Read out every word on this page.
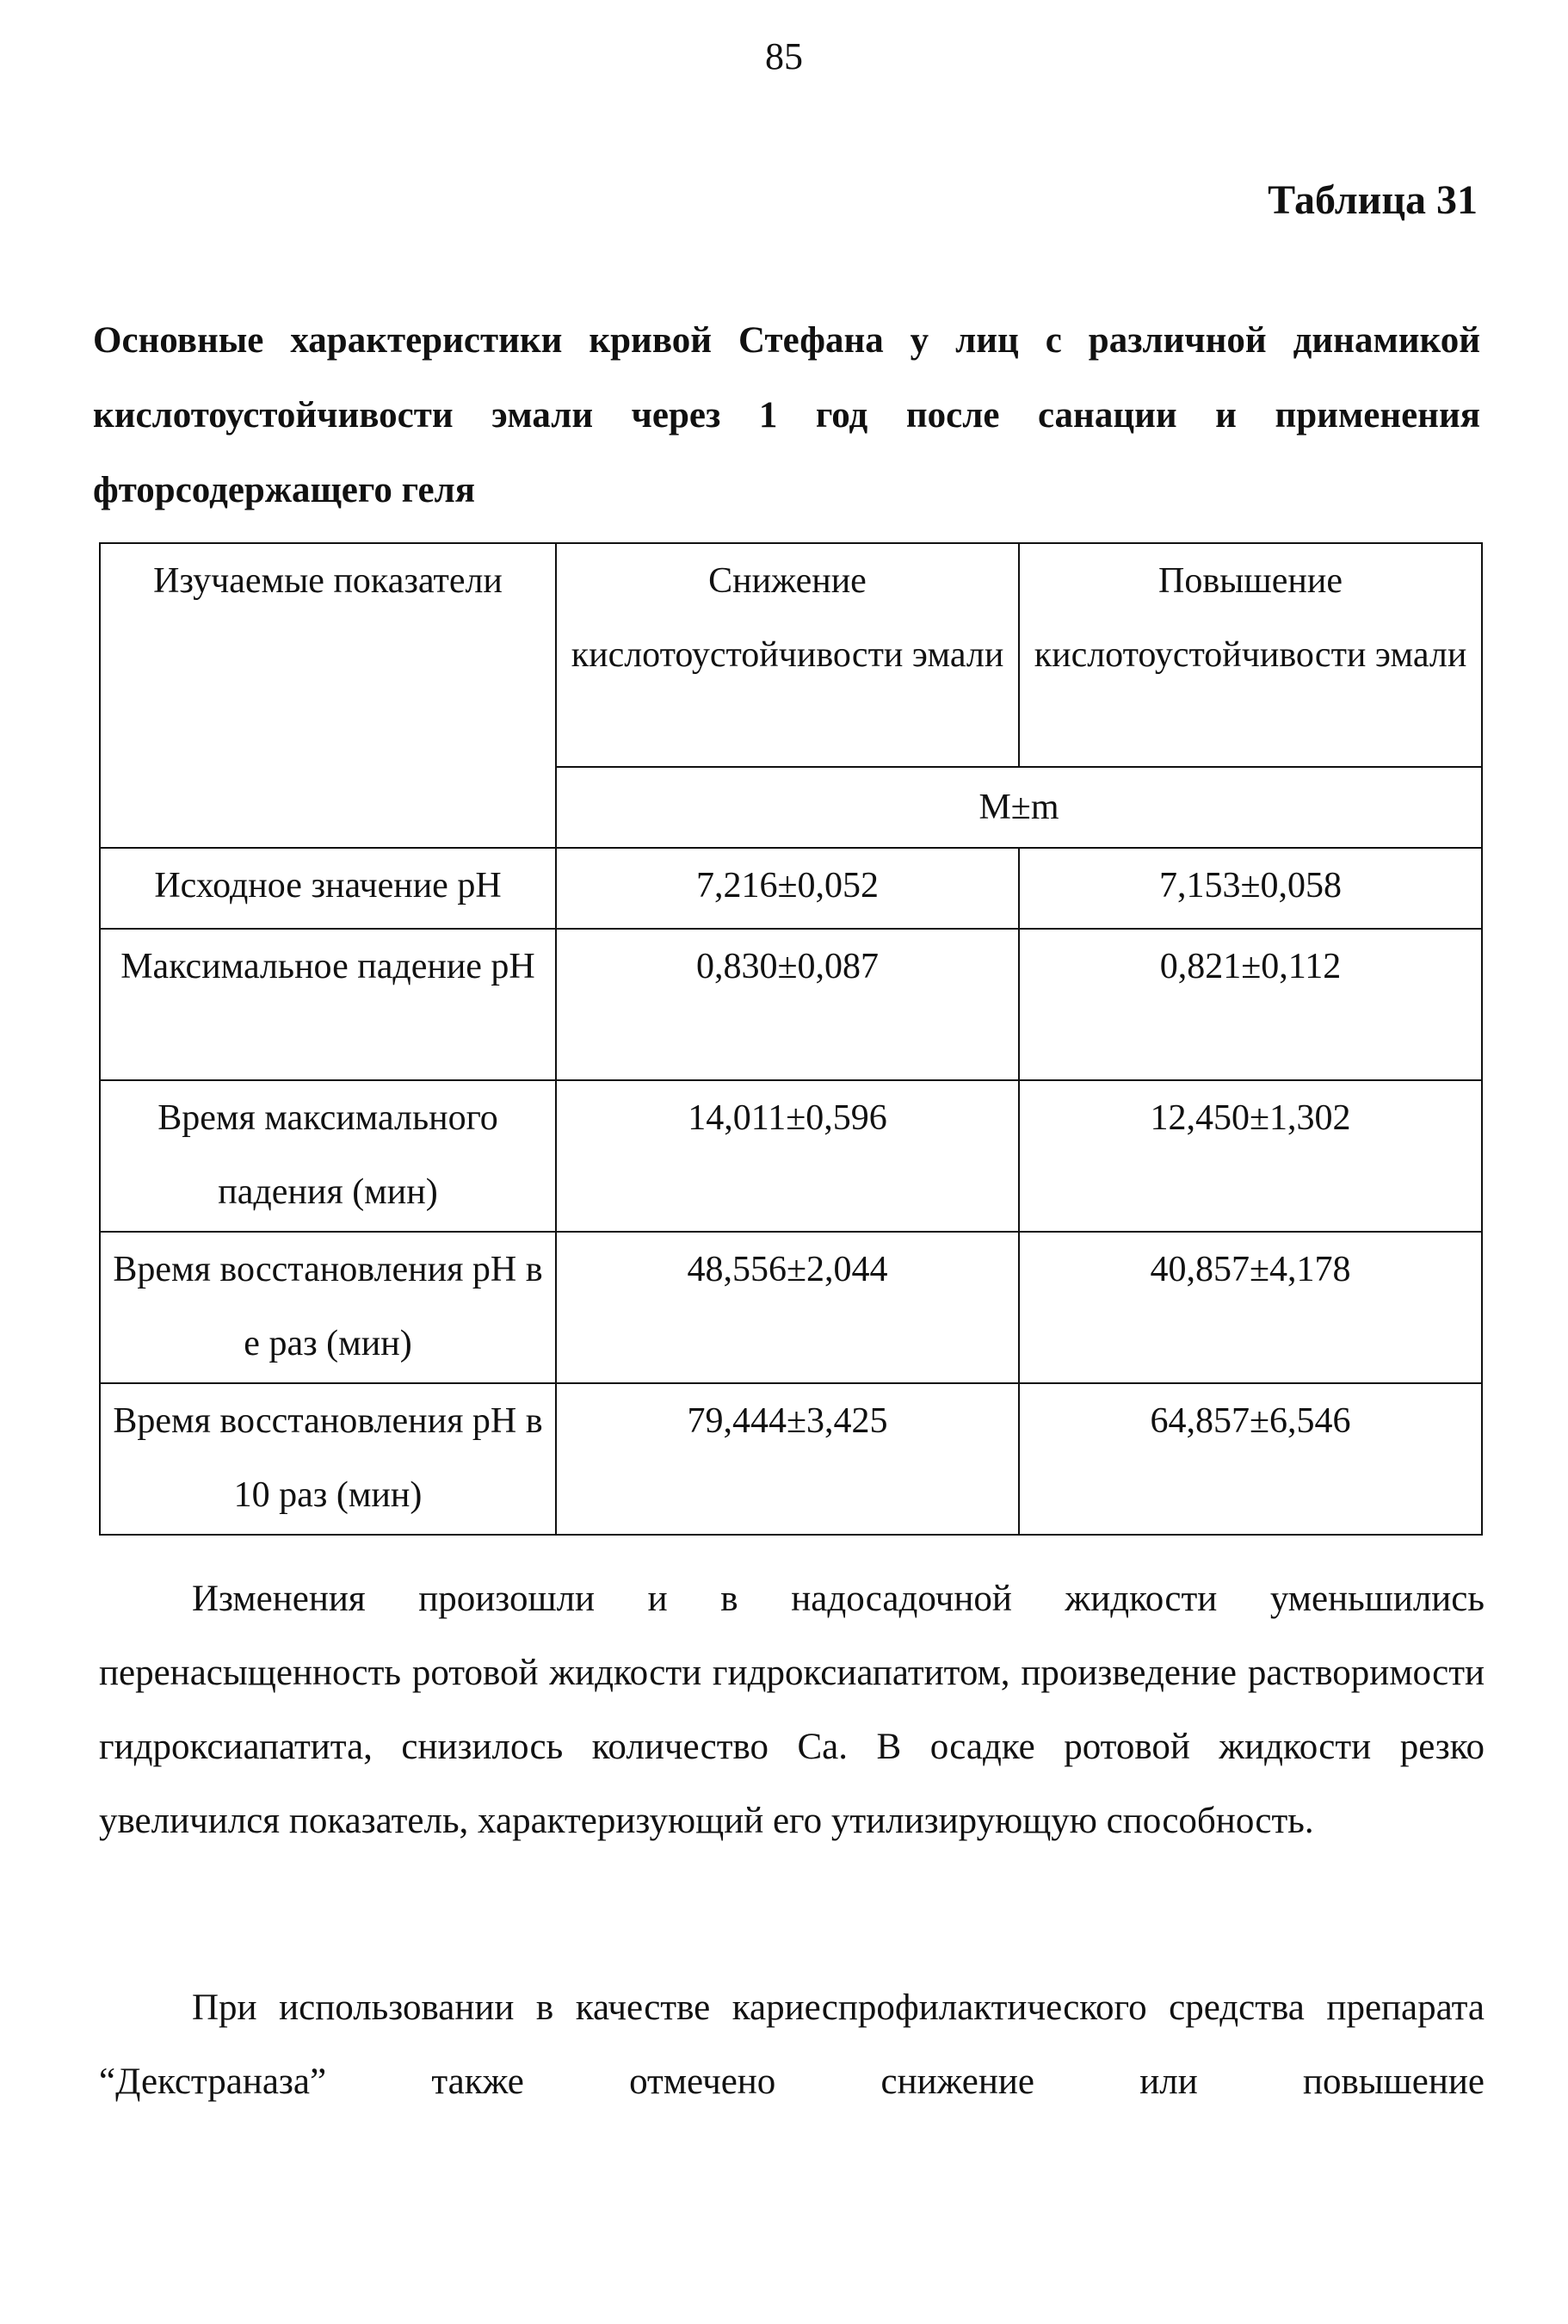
85
Таблица 31
Основные характеристики кривой Стефана у лиц с различной динамикой кислотоустойчивости эмали через 1 год после санации и применения фторсодержащего геля
Изучаемые показатели	Снижение кислотоустойчивости эмали	Повышение кислотоустойчивости эмали
	M±m	
Исходное значение pH	7,216±0,052	7,153±0,058
Максимальное падение pH	0,830±0,087	0,821±0,112
Время максимального падения (мин)	14,011±0,596	12,450±1,302
Время восстановления pH в е раз (мин)	48,556±2,044	40,857±4,178
Время восстановления pH в 10 раз (мин)	79,444±3,425	64,857±6,546

Изменения произошли и в надосадочной жидкости уменьшились перенасыщенность ротовой жидкости гидроксиапатитом, произведение растворимости гидроксиапатита, снизилось количество Са. В осадке ротовой жидкости резко увеличился показатель, характеризующий его утилизирующую способность.

При использовании в качестве кариеспрофилактического средства препарата “Декстраназа” также отмечено снижение или повышение
